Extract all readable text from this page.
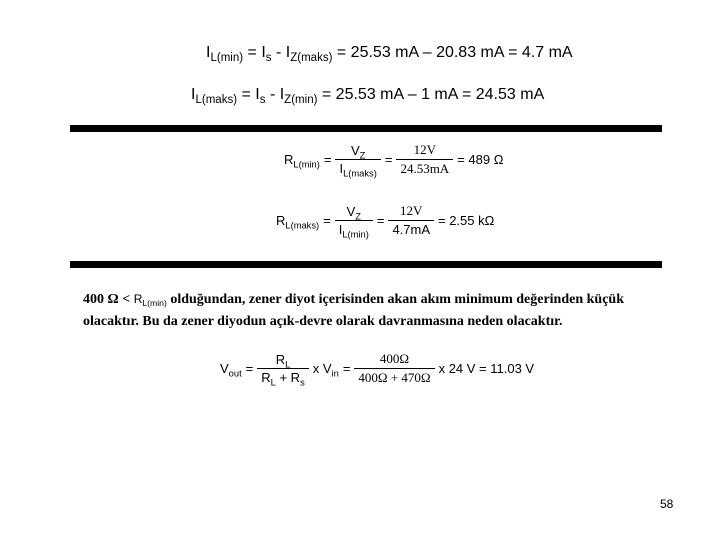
$I_{L(min)} = I_s - I_{Z(maks)} = 25.53$ mA – 20.83 mA = 4.7 mA
$I_{L(maks)} = I_s - I_{Z(min)} = 25.53$ mA – 1 mA = 24.53 mA
$R_{L(min)} = \frac{V_Z}{I_{L(maks)}} = \frac{12V}{24.53mA} = 489$ Ω
$R_{L(maks)} = \frac{V_Z}{I_{L(min)}} = \frac{12V}{4.7mA} = 2.55$ kΩ
400 $\Omega < R_{L(min)}$ olduğundan, zener diyot içerisinden akan akım minimum değerinden küçük olacaktır. Bu da zener diyodun açık-devre olarak davranmasına neden olacaktır.
$V_{out} = \frac{R_L}{R_L + R_s}$ x $V_{in} = \frac{400\Omega}{400\Omega + 470\Omega}$ x 24 V = 11.03 V
58
